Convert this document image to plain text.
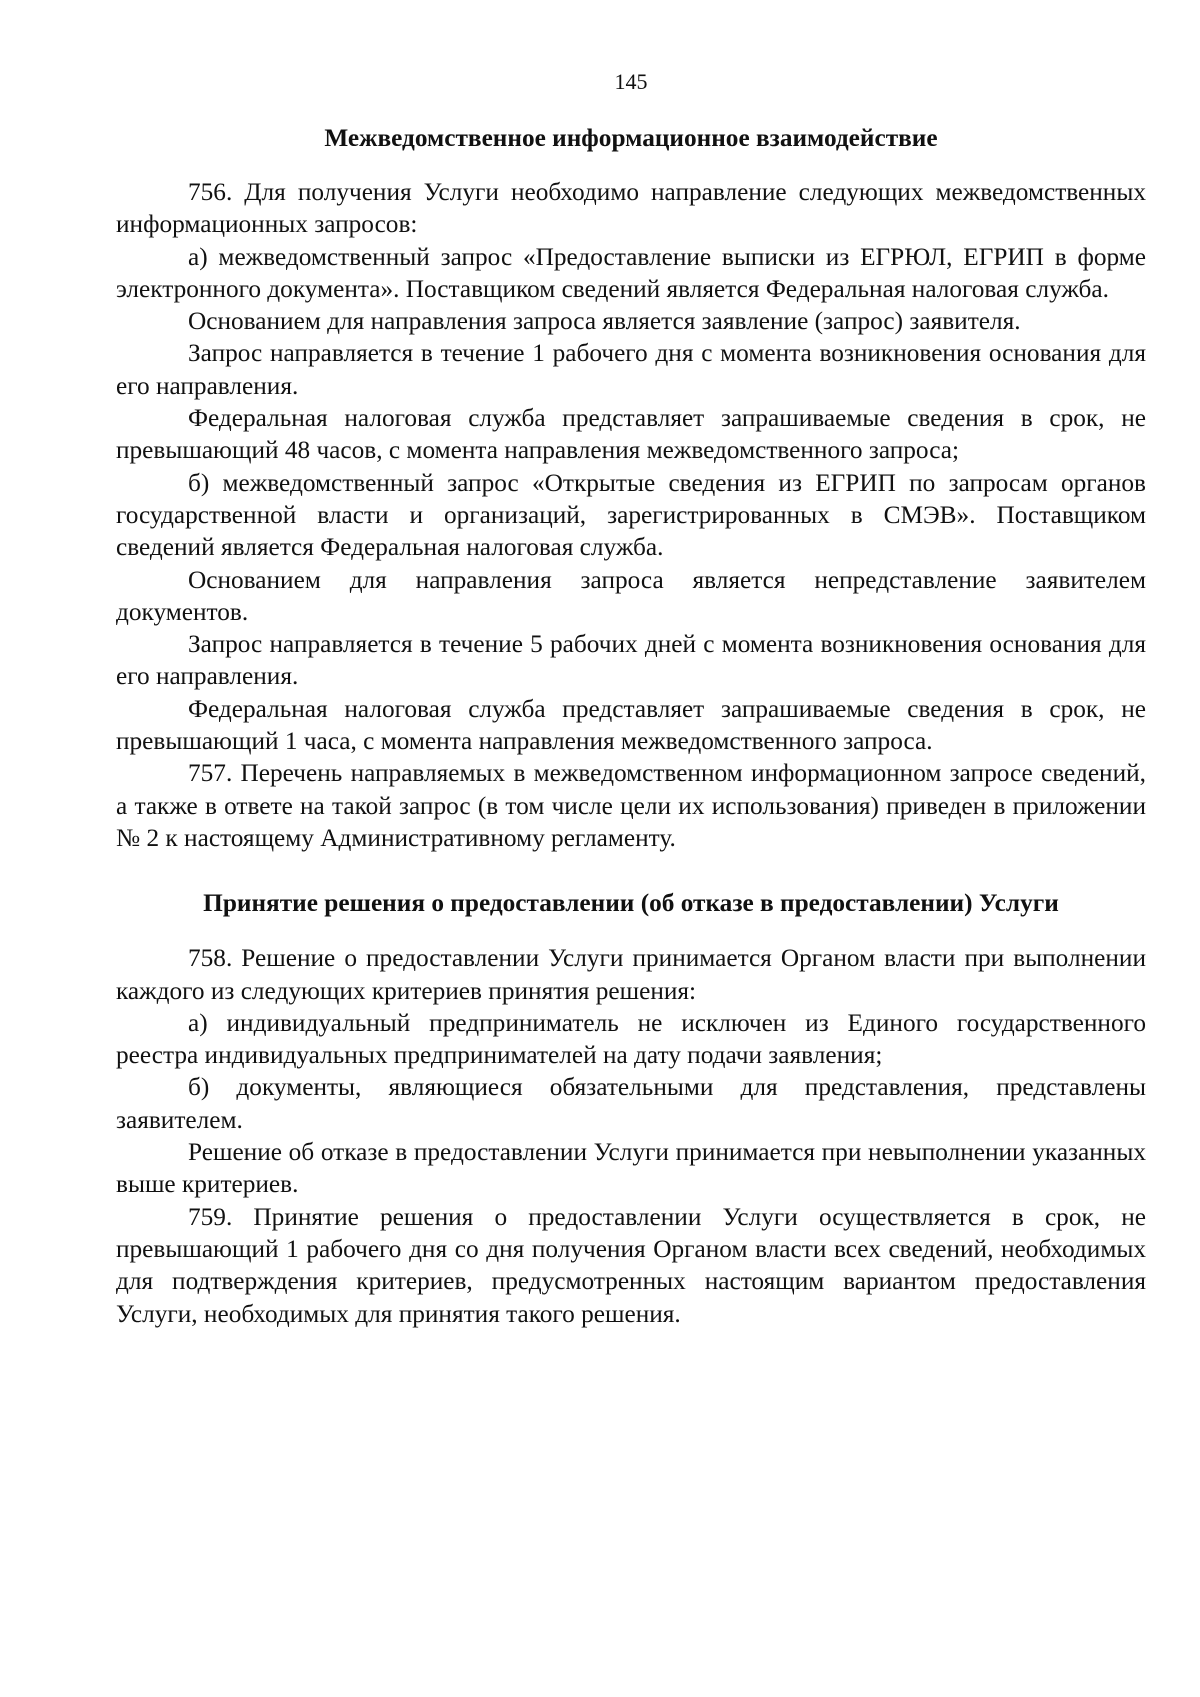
145
Межведомственное информационное взаимодействие

756. Для получения Услуги необходимо направление следующих межведомственных информационных запросов:

а) межведомственный запрос «Предоставление выписки из ЕГРЮЛ, ЕГРИП в форме электронного документа». Поставщиком сведений является Федеральная налоговая служба.

Основанием для направления запроса является заявление (запрос) заявителя.

Запрос направляется в течение 1 рабочего дня с момента возникновения основания для его направления.

Федеральная налоговая служба представляет запрашиваемые сведения в срок, не превышающий 48 часов, с момента направления межведомственного запроса;

б) межведомственный запрос «Открытые сведения из ЕГРИП по запросам органов государственной власти и организаций, зарегистрированных в СМЭВ». Поставщиком сведений является Федеральная налоговая служба.

Основанием для направления запроса является непредставление заявителем документов.

Запрос направляется в течение 5 рабочих дней с момента возникновения основания для его направления.

Федеральная налоговая служба представляет запрашиваемые сведения в срок, не превышающий 1 часа, с момента направления межведомственного запроса.

757. Перечень направляемых в межведомственном информационном запросе сведений, а также в ответе на такой запрос (в том числе цели их использования) приведен в приложении № 2 к настоящему Административному регламенту.

Принятие решения о предоставлении (об отказе в предоставлении) Услуги

758. Решение о предоставлении Услуги принимается Органом власти при выполнении каждого из следующих критериев принятия решения:

а) индивидуальный предприниматель не исключен из Единого государственного реестра индивидуальных предпринимателей на дату подачи заявления;

б) документы, являющиеся обязательными для представления, представлены заявителем.

Решение об отказе в предоставлении Услуги принимается при невыполнении указанных выше критериев.

759. Принятие решения о предоставлении Услуги осуществляется в срок, не превышающий 1 рабочего дня со дня получения Органом власти всех сведений, необходимых для подтверждения критериев, предусмотренных настоящим вариантом предоставления Услуги, необходимых для принятия такого решения.
